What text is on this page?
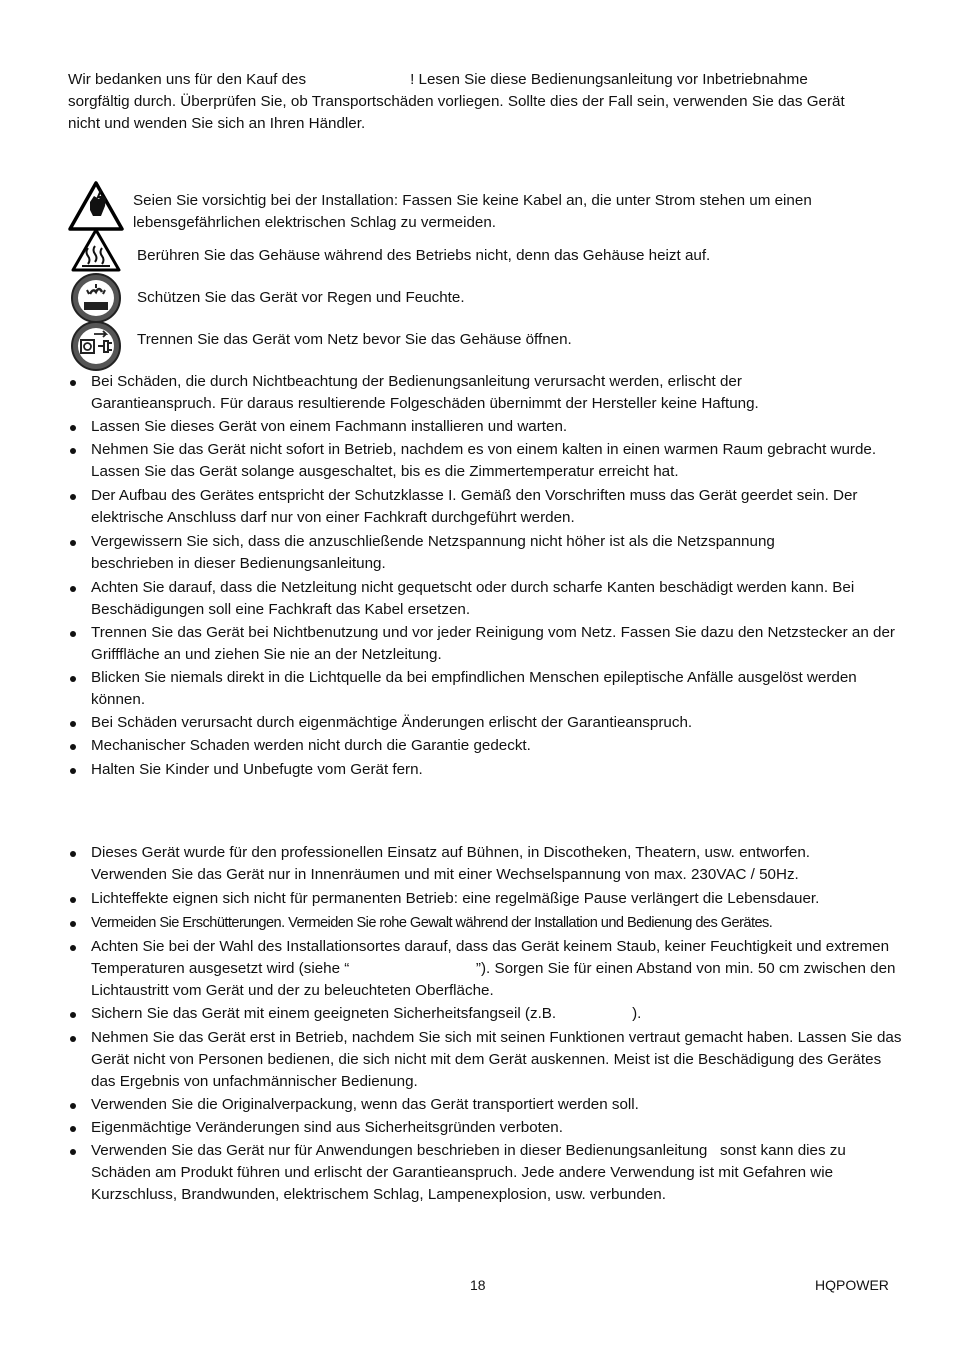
Wir bedanken uns für den Kauf des	! Lesen Sie diese Bedienungsanleitung vor Inbetriebnahme
sorgfältig durch. Überprüfen Sie, ob Transportschäden vorliegen. Sollte dies der Fall sein, verwenden Sie das Gerät
nicht und wenden Sie sich an Ihren Händler.
Seien Sie vorsichtig bei der Installation: Fassen Sie keine Kabel an, die unter Strom stehen um einen
lebensgefährlichen elektrischen Schlag zu vermeiden.
Berühren Sie das Gehäuse während des Betriebs nicht, denn das Gehäuse heizt auf.
Schützen Sie das Gerät vor Regen und Feuchte.
Trennen Sie das Gerät vom Netz bevor Sie das Gehäuse öffnen.
Bei Schäden, die durch Nichtbeachtung der Bedienungsanleitung verursacht werden, erlischt der Garantieanspruch. Für daraus resultierende Folgeschäden übernimmt der Hersteller keine Haftung.
Lassen Sie dieses Gerät von einem Fachmann installieren und warten.
Nehmen Sie das Gerät nicht sofort in Betrieb, nachdem es von einem kalten in einen warmen Raum gebracht wurde. Lassen Sie das Gerät solange ausgeschaltet, bis es die Zimmertemperatur erreicht hat.
Der Aufbau des Gerätes entspricht der Schutzklasse I. Gemäß den Vorschriften muss das Gerät geerdet sein. Der elektrische Anschluss darf nur von einer Fachkraft durchgeführt werden.
Vergewissern Sie sich, dass die anzuschließende Netzspannung nicht höher ist als die Netzspannung beschrieben in dieser Bedienungsanleitung.
Achten Sie darauf, dass die Netzleitung nicht gequetscht oder durch scharfe Kanten beschädigt werden kann. Bei Beschädigungen soll eine Fachkraft das Kabel ersetzen.
Trennen Sie das Gerät bei Nichtbenutzung und vor jeder Reinigung vom Netz. Fassen Sie dazu den Netzstecker an der Grifffläche an und ziehen Sie nie an der Netzleitung.
Blicken Sie niemals direkt in die Lichtquelle da bei empfindlichen Menschen epileptische Anfälle ausgelöst werden können.
Bei Schäden verursacht durch eigenmächtige Änderungen erlischt der Garantieanspruch.
Mechanischer Schaden werden nicht durch die Garantie gedeckt.
Halten Sie Kinder und Unbefugte vom Gerät fern.
Dieses Gerät wurde für den professionellen Einsatz auf Bühnen, in Discotheken, Theatern, usw. entworfen. Verwenden Sie das Gerät nur in Innenräumen und mit einer Wechselspannung von max. 230VAC / 50Hz.
Lichteffekte eignen sich nicht für permanenten Betrieb: eine regelmäßige Pause verlängert die Lebensdauer.
Vermeiden Sie Erschütterungen. Vermeiden Sie rohe Gewalt während der Installation und Bedienung des Gerätes.
Achten Sie bei der Wahl des Installationsortes darauf, dass das Gerät keinem Staub, keiner Feuchtigkeit und extremen Temperaturen ausgesetzt wird (siehe “                              ”). Sorgen Sie für einen Abstand von min. 50 cm zwischen den Lichtaustritt vom Gerät und der zu beleuchteten Oberfläche.
Sichern Sie das Gerät mit einem geeigneten Sicherheitsfangseil (z.B.                  ).
Nehmen Sie das Gerät erst in Betrieb, nachdem Sie sich mit seinen Funktionen vertraut gemacht haben. Lassen Sie das Gerät nicht von Personen bedienen, die sich nicht mit dem Gerät auskennen. Meist ist die Beschädigung des Gerätes das Ergebnis von unfachmännischer Bedienung.
Verwenden Sie die Originalverpackung, wenn das Gerät transportiert werden soll.
Eigenmächtige Veränderungen sind aus Sicherheitsgründen verboten.
Verwenden Sie das Gerät nur für Anwendungen beschrieben in dieser Bedienungsanleitung   sonst kann dies zu Schäden am Produkt führen und erlischt der Garantieanspruch. Jede andere Verwendung ist mit Gefahren wie Kurzschluss, Brandwunden, elektrischem Schlag, Lampenexplosion, usw. verbunden.
18	HQPOWER
